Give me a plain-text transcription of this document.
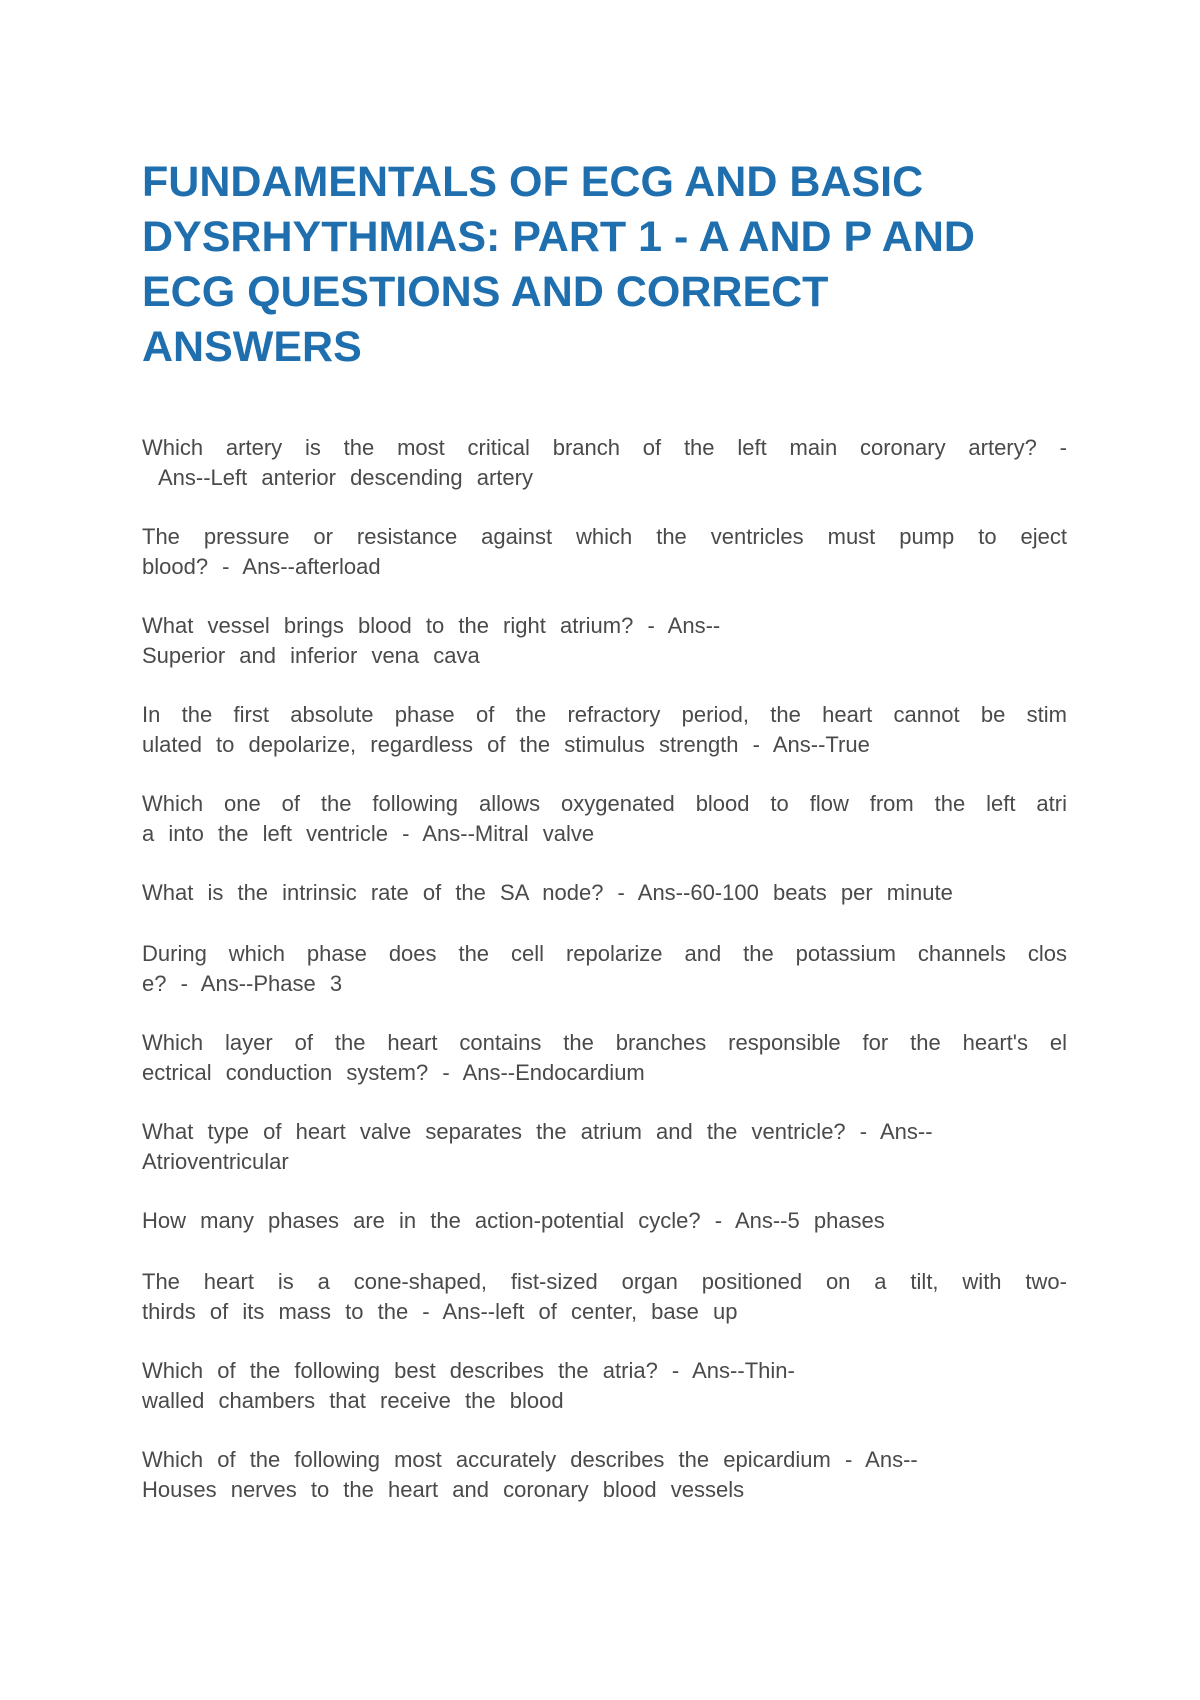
FUNDAMENTALS OF ECG AND BASIC
DYSRHYTHMIAS: PART 1 - A AND P AND
ECG QUESTIONS AND CORRECT
ANSWERS
Which artery is the most critical branch of the left main coronary artery? -
Ans--Left anterior descending artery
The pressure or resistance against which the ventricles must pump to eject
blood? - Ans--afterload
What vessel brings blood to the right atrium? - Ans--
Superior and inferior vena cava
In the first absolute phase of the refractory period, the heart cannot be stim
ulated to depolarize, regardless of the stimulus strength - Ans--True
Which one of the following allows oxygenated blood to flow from the left atri
a into the left ventricle - Ans--Mitral valve
What is the intrinsic rate of the SA node? - Ans--60-100 beats per minute
During which phase does the cell repolarize and the potassium channels clos
e? - Ans--Phase 3
Which layer of the heart contains the branches responsible for the heart's el
ectrical conduction system? - Ans--Endocardium
What type of heart valve separates the atrium and the ventricle? - Ans--
Atrioventricular
How many phases are in the action-potential cycle? - Ans--5 phases
The heart is a cone-shaped, fist-sized organ positioned on a tilt, with two-
thirds of its mass to the - Ans--left of center, base up
Which of the following best describes the atria? - Ans--Thin-
walled chambers that receive the blood
Which of the following most accurately describes the epicardium - Ans--
Houses nerves to the heart and coronary blood vessels
